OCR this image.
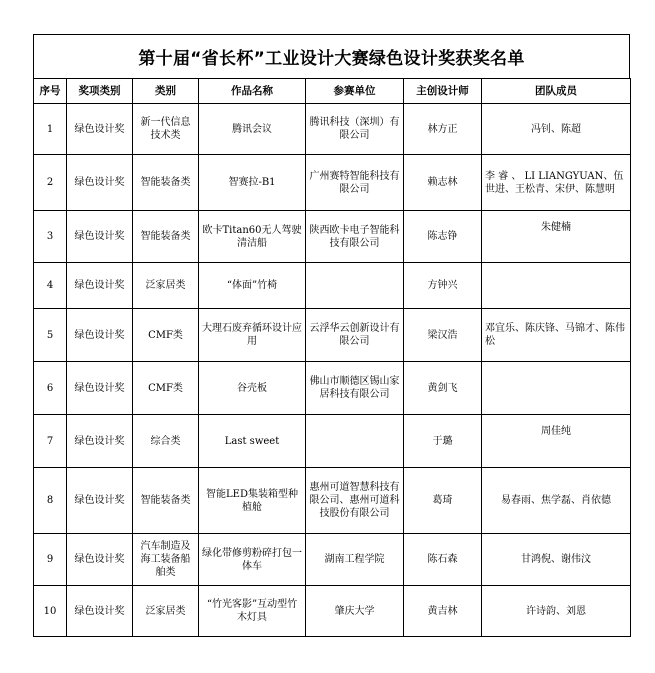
第十届“省长杯”工业设计大赛绿色设计奖获奖名单
序号	奖项类别	类别	作品名称	参赛单位	主创设计师	团队成员
1	绿色设计奖	新一代信息技术类	腾讯会议	腾讯科技（深圳）有限公司	林方正	冯钊、陈超
2	绿色设计奖	智能装备类	智赛拉-B1	广州赛特智能科技有限公司	赖志林	李 睿 、 LI LIANGYUAN、伍世进、王松青、宋伊、陈慧明
3	绿色设计奖	智能装备类	欧卡Titan60无人驾驶清洁船	陕西欧卡电子智能科技有限公司	陈志铮	朱健楠
4	绿色设计奖	泛家居类	“体面”竹椅		方钟兴	
5	绿色设计奖	CMF类	大理石废弃循环设计应用	云浮华云创新设计有限公司	梁汉浩	邓宜乐、陈庆锋、马锦才、陈伟松
6	绿色设计奖	CMF类	谷壳板	佛山市顺德区锡山家居科技有限公司	黄剑飞	
7	绿色设计奖	综合类	Last sweet		于璐	周佳纯
8	绿色设计奖	智能装备类	智能LED集装箱型种植舱	惠州可道智慧科技有限公司、惠州可道科技股份有限公司	葛琦	易春雨、焦学磊、肖依德
9	绿色设计奖	汽车制造及海工装备船舶类	绿化带修剪粉碎打包一体车	湖南工程学院	陈石森	甘鸿倪、谢伟汶
10	绿色设计奖	泛家居类	“竹光客影”互动型竹木灯具	肇庆大学	黄吉林	许诗韵、刘恩
